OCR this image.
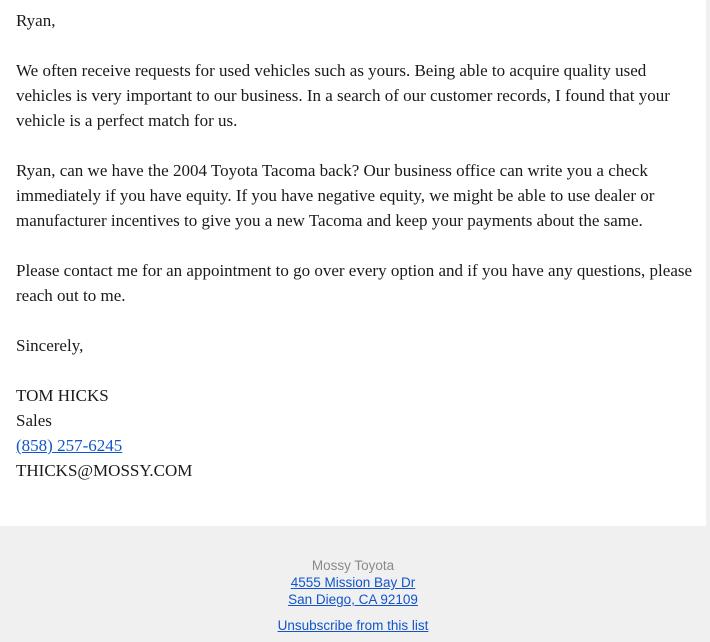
Ryan,

We often receive requests for used vehicles such as yours. Being able to acquire quality used vehicles is very important to our business. In a search of our customer records, I found that your vehicle is a perfect match for us.

Ryan, can we have the 2004 Toyota Tacoma back? Our business office can write you a check immediately if you have equity. If you have negative equity, we might be able to use dealer or manufacturer incentives to give you a new Tacoma and keep your payments about the same.

Please contact me for an appointment to go over every option and if you have any questions, please reach out to me.

Sincerely,

TOM HICKS
Sales
(858) 257-6245
THICKS@MOSSY.COM
Mossy Toyota
4555 Mission Bay Dr
San Diego, CA 92109
Unsubscribe from this list
